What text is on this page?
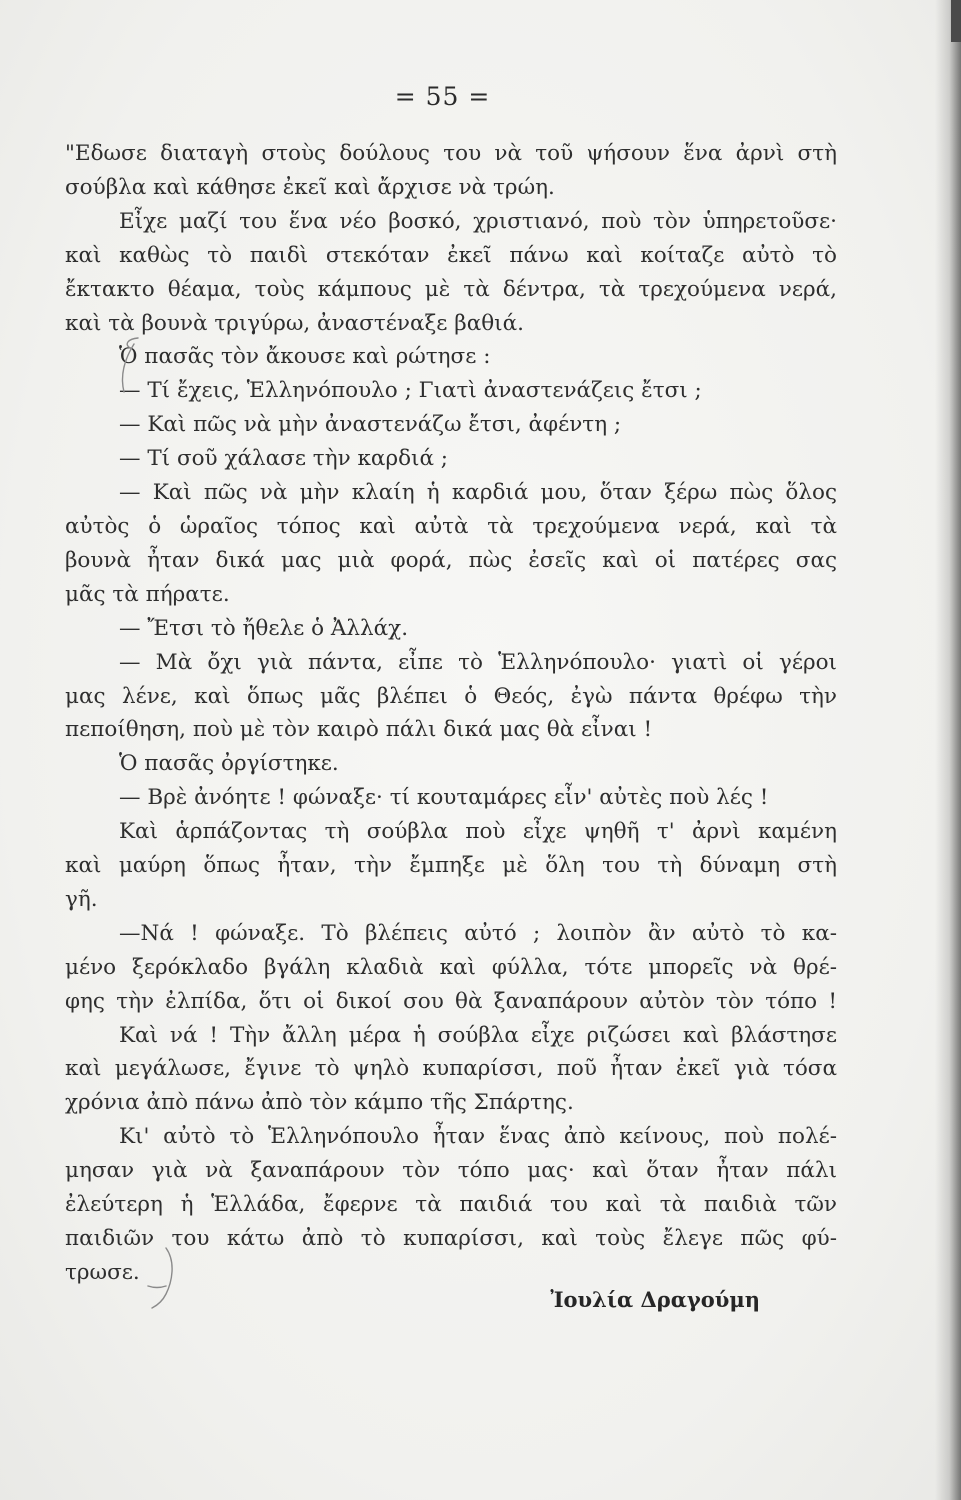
= 55 =
"Εδωσε διαταγὴ στοὺς δούλους του νὰ τοῦ ψήσουν ἕνα ἀρνὶ στὴ
σούβλα καὶ κάθησε ἐκεῖ καὶ ἄρχισε νὰ τρώη.
Εἶχε μαζί του ἕνα νέο βοσκό, χριστιανό, ποὺ τὸν ὑπηρετοῦσε·
καὶ καθὼς τὸ παιδὶ στεκόταν ἐκεῖ πάνω καὶ κοίταζε αὐτὸ τὸ
ἔκτακτο θέαμα, τοὺς κάμπους μὲ τὰ δέντρα, τὰ τρεχούμενα νερά,
καὶ τὰ βουνὰ τριγύρω, ἀναστέναξε βαθιά.
Ὁ πασᾶς τὸν ἄκουσε καὶ ρώτησε :
— Τί ἔχεις, Ἑλληνόπουλο ; Γιατὶ ἀναστενάζεις ἔτσι ;
— Καὶ πῶς νὰ μὴν ἀναστενάζω ἔτσι, ἀφέντη ;
— Τί σοῦ χάλασε τὴν καρδιά ;
— Καὶ πῶς νὰ μὴν κλαίη ἡ καρδιά μου, ὅταν ξέρω πὼς ὅλος
αὐτὸς ὁ ὡραῖος τόπος καὶ αὐτὰ τὰ τρεχούμενα νερά, καὶ τὰ
βουνὰ ἦταν δικά μας μιὰ φορά, πὼς ἐσεῖς καὶ οἱ πατέρες σας
μᾶς τὰ πήρατε.
— Ἔτσι τὸ ἤθελε ὁ Ἀλλάχ.
— Μὰ ὄχι γιὰ πάντα, εἶπε τὸ Ἑλληνόπουλο· γιατὶ οἱ γέροι
μας λένε, καὶ ὅπως μᾶς βλέπει ὁ Θεός, ἐγὼ πάντα θρέφω τὴν
πεποίθηση, ποὺ μὲ τὸν καιρὸ πάλι δικά μας θὰ εἶναι !
Ὁ πασᾶς ὀργίστηκε.
— Βρὲ ἀνόητε ! φώναξε· τί κουταμάρες εἶν' αὐτὲς ποὺ λές !
Καὶ ἁρπάζοντας τὴ σούβλα ποὺ εἶχε ψηθῆ τ' ἀρνὶ καμένη
καὶ μαύρη ὅπως ἦταν, τὴν ἔμπηξε μὲ ὅλη του τὴ δύναμη στὴ
γῆ.
—Νά ! φώναξε. Τὸ βλέπεις αὐτό ; λοιπὸν ἂν αὐτὸ τὸ κα-
μένο ξερόκλαδο βγάλη κλαδιὰ καὶ φύλλα, τότε μπορεῖς νὰ θρέ-
φης τὴν ἐλπίδα, ὅτι οἱ δικοί σου θὰ ξαναπάρουν αὐτὸν τὸν τόπο !
Καὶ νά ! Τὴν ἄλλη μέρα ἡ σούβλα εἶχε ριζώσει καὶ βλάστησε
καὶ μεγάλωσε, ἔγινε τὸ ψηλὸ κυπαρίσσι, ποῦ ἦταν ἐκεῖ γιὰ τόσα
χρόνια ἀπὸ πάνω ἀπὸ τὸν κάμπο τῆς Σπάρτης.
Κι' αὐτὸ τὸ Ἑλληνόπουλο ἦταν ἕνας ἀπὸ κείνους, ποὺ πολέ-
μησαν γιὰ νὰ ξαναπάρουν τὸν τόπο μας· καὶ ὅταν ἦταν πάλι
ἐλεύτερη ἡ Ἑλλάδα, ἔφερνε τὰ παιδιά του καὶ τὰ παιδιὰ τῶν
παιδιῶν του κάτω ἀπὸ τὸ κυπαρίσσι, καὶ τοὺς ἔλεγε πῶς φύ-
τρωσε.
Ἰουλία Δραγούμη
